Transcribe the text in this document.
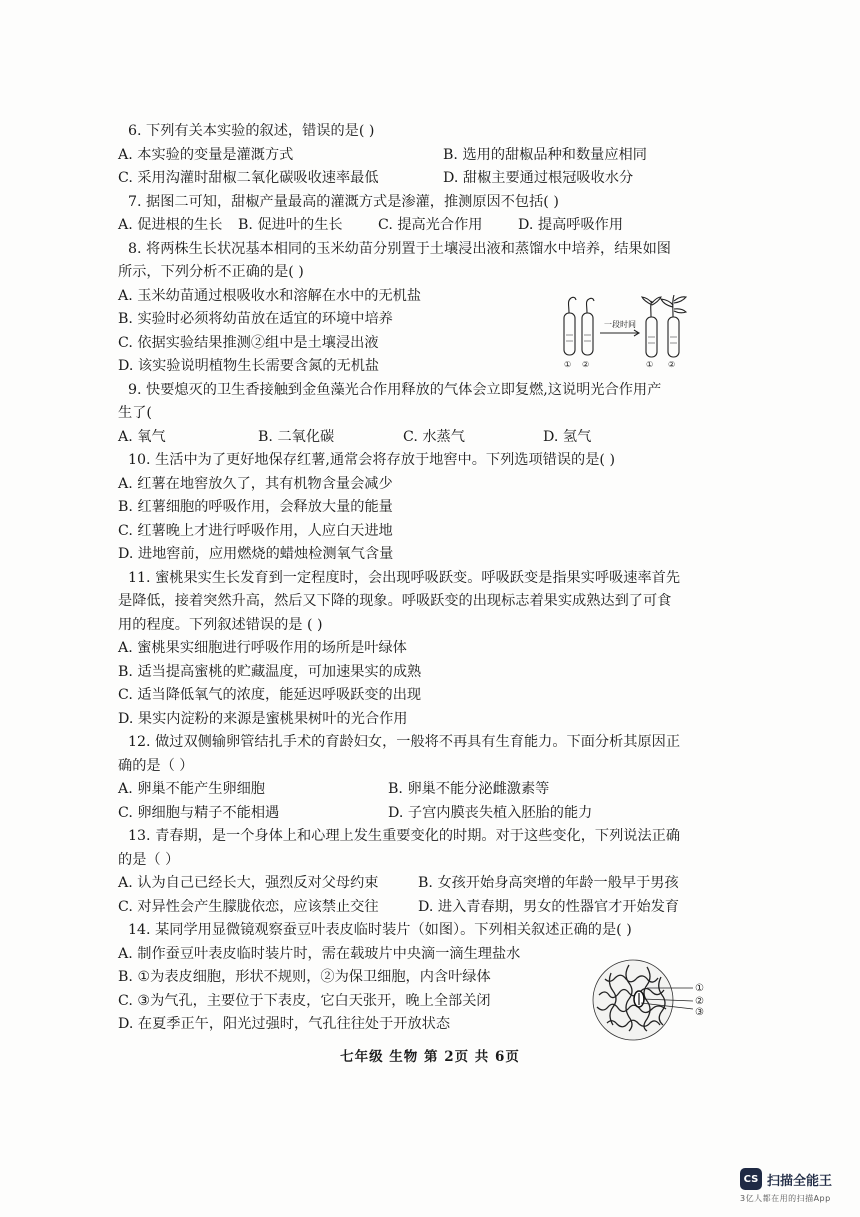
6. 下列有关本实验的叙述，错误的是( )
A. 本实验的变量是灌溉方式	B. 选用的甜椒品种和数量应相同
C. 采用沟灌时甜椒二氧化碳吸收速率最低	D. 甜椒主要通过根冠吸收水分
7. 据图二可知，甜椒产量最高的灌溉方式是渗灌，推测原因不包括( )
A. 促进根的生长	B. 促进叶的生长	C. 提高光合作用	D. 提高呼吸作用
8. 将两株生长状况基本相同的玉米幼苗分别置于土壤浸出液和蒸馏水中培养，结果如图
所示，下列分析不正确的是( )
A. 玉米幼苗通过根吸收水和溶解在水中的无机盐
B. 实验时必须将幼苗放在适宜的环境中培养
C. 依据实验结果推测②组中是土壤浸出液
D. 该实验说明植物生长需要含氮的无机盐
9. 快要熄灭的卫生香接触到金鱼藻光合作用释放的气体会立即复燃,这说明光合作用产
生了(
A. 氧气	B. 二氧化碳	C. 水蒸气	D. 氢气
10. 生活中为了更好地保存红薯,通常会将存放于地窖中。下列选项错误的是( )
A. 红薯在地窖放久了，其有机物含量会减少
B. 红薯细胞的呼吸作用，会释放大量的能量
C. 红薯晚上才进行呼吸作用，人应白天进地
D. 进地窖前，应用燃烧的蜡烛检测氧气含量
11. 蜜桃果实生长发育到一定程度时，会出现呼吸跃变。呼吸跃变是指果实呼吸速率首先
是降低，接着突然升高，然后又下降的现象。呼吸跃变的出现标志着果实成熟达到了可食
用的程度。下列叙述错误的是 ( )
A. 蜜桃果实细胞进行呼吸作用的场所是叶绿体
B. 适当提高蜜桃的贮藏温度，可加速果实的成熟
C. 适当降低氧气的浓度，能延迟呼吸跃变的出现
D. 果实内淀粉的来源是蜜桃果树叶的光合作用
12. 做过双侧输卵管结扎手术的育龄妇女，一般将不再具有生育能力。下面分析其原因正
确的是（ ）
A. 卵巢不能产生卵细胞	B. 卵巢不能分泌雌激素等
C. 卵细胞与精子不能相遇	D. 子宫内膜丧失植入胚胎的能力
13. 青春期，是一个身体上和心理上发生重要变化的时期。对于这些变化，下列说法正确
的是（ ）
A. 认为自己已经长大，强烈反对父母约束	B. 女孩开始身高突增的年龄一般早于男孩
C. 对异性会产生朦胧依恋，应该禁止交往	D. 进入青春期，男女的性器官才开始发育
14. 某同学用显微镜观察蚕豆叶表皮临时装片（如图）。下列相关叙述正确的是( )
A. 制作蚕豆叶表皮临时装片时，需在载玻片中央滴一滴生理盐水
B. ①为表皮细胞，形状不规则，②为保卫细胞，内含叶绿体
C. ③为气孔，主要位于下表皮，它白天张开，晚上全部关闭
D. 在夏季正午，阳光过强时，气孔往往处于开放状态
一段时间
① ②	① ②
①
②
③
七年级 生物 第 2页 共 6页
CS 扫描全能王
3亿人都在用的扫描App
